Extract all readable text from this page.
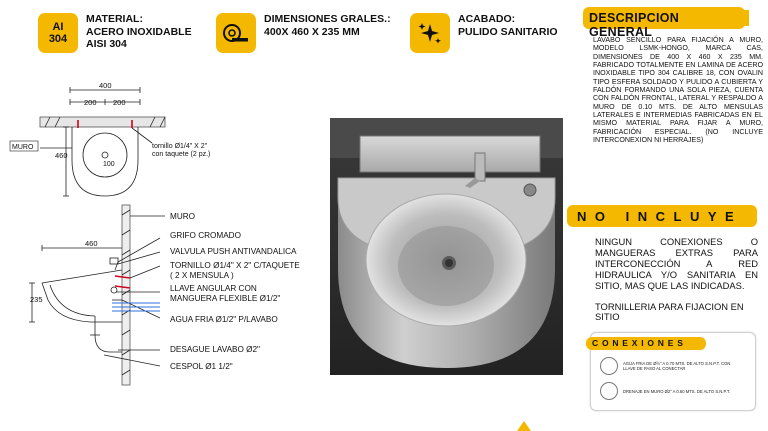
AI
304
MATERIAL:
ACERO INOXIDABLE
AISI 304
DIMENSIONES GRALES.:
400X 460 X 235 MM
ACABADO:
PULIDO SANITARIO
400
200 200
460
100
MURO	tornillo Ø1/4" X 2"
con taquete (2 pz.)
460
235
MURO
GRIFO CROMADO
VALVULA PUSH ANTIVANDALICA
TORNILLO Ø1/4" X 2" C/TAQUETE
( 2 X MENSULA )
LLAVE ANGULAR CON
MANGUERA FLEXIBLE Ø1/2"
AGUA FRIA Ø1/2" P/LAVABO
DESAGUE LAVABO Ø2"
CESPOL Ø1 1/2"
DESCRIPCION GENERAL
LAVABO SENCILLO PARA FIJACIÓN A MURO, MODELO LSMK-HONGO, MARCA CAS, DIMENSIONES DE 400 X 460 X 235 MM. FABRICADO TOTALMENTE EN LAMINA DE ACERO INOXIDABLE TIPO 304 CALIBRE 18, CON OVALIN TIPO ESFERA SOLDADO Y PULIDO A CUBIERTA Y FALDÓN FORMANDO UNA SOLA PIEZA, CUENTA CON FALDÓN FRONTAL, LATERAL Y RESPALDO A MURO DE 0.10 MTS. DE ALTO MENSULAS LATERALES E INTERMEDIAS FABRICADAS EN EL MISMO MATERIAL PARA FIJAR A MURO, FABRICACIÓN ESPECIAL. (NO INCLUYE INTERCONEXION NI HERRAJES)
NO INCLUYE
NINGUN CONEXIONES O MANGUERAS EXTRAS PARA INTERCONECCIÓN A RED HIDRAULICA Y/O SANITARIA EN SITIO, MAS QUE LAS INDICADAS.
TORNILLERIA PARA FIJACION EN SITIO
CONEXIONES
AGUA FRIA DE Ø½" A 0.70 MTS. DE ALTO S.N.P.T. CON LLAVE DE PASO AL CONECTAR
DRENAJE EN MURO Ø2" A 0.60 MTS. DE ALTO S.N.P.T.
